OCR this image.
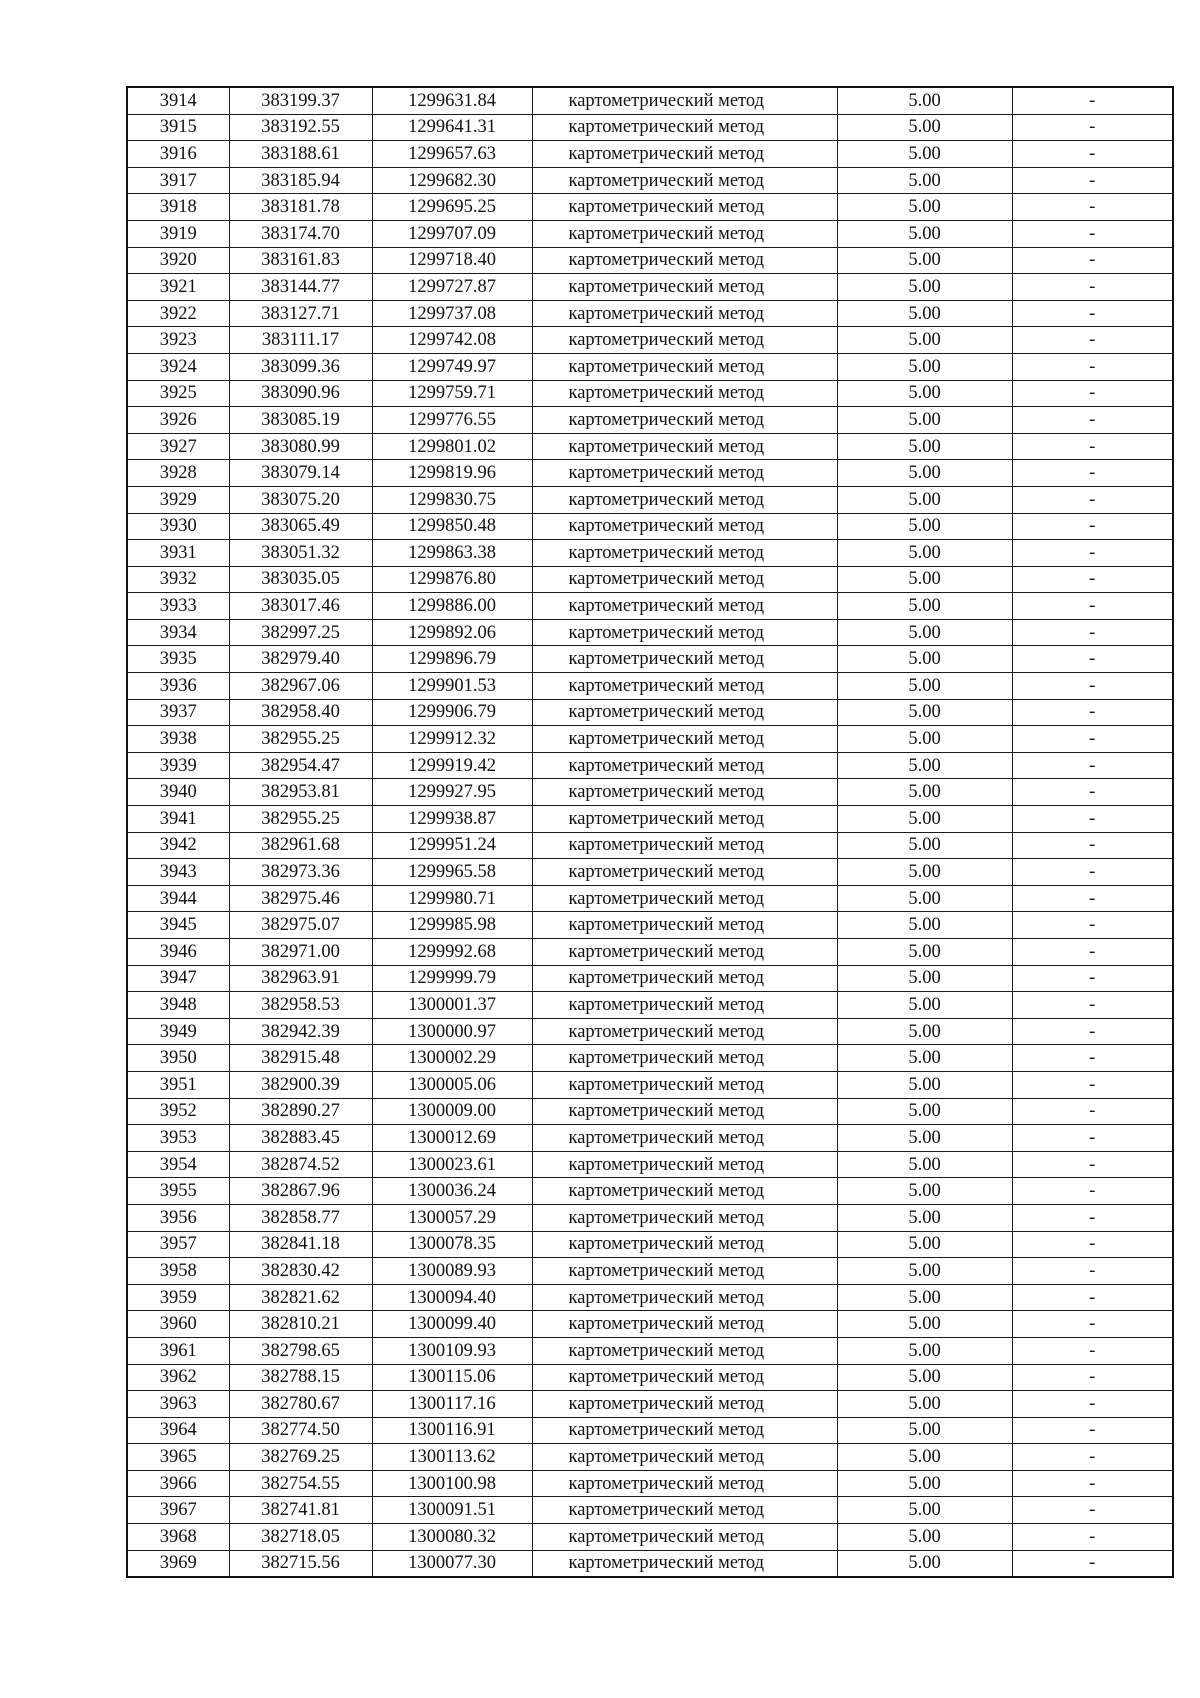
3914	383199.37	1299631.84	картометрический метод	5.00	-
3915	383192.55	1299641.31	картометрический метод	5.00	-
3916	383188.61	1299657.63	картометрический метод	5.00	-
3917	383185.94	1299682.30	картометрический метод	5.00	-
3918	383181.78	1299695.25	картометрический метод	5.00	-
3919	383174.70	1299707.09	картометрический метод	5.00	-
3920	383161.83	1299718.40	картометрический метод	5.00	-
3921	383144.77	1299727.87	картометрический метод	5.00	-
3922	383127.71	1299737.08	картометрический метод	5.00	-
3923	383111.17	1299742.08	картометрический метод	5.00	-
3924	383099.36	1299749.97	картометрический метод	5.00	-
3925	383090.96	1299759.71	картометрический метод	5.00	-
3926	383085.19	1299776.55	картометрический метод	5.00	-
3927	383080.99	1299801.02	картометрический метод	5.00	-
3928	383079.14	1299819.96	картометрический метод	5.00	-
3929	383075.20	1299830.75	картометрический метод	5.00	-
3930	383065.49	1299850.48	картометрический метод	5.00	-
3931	383051.32	1299863.38	картометрический метод	5.00	-
3932	383035.05	1299876.80	картометрический метод	5.00	-
3933	383017.46	1299886.00	картометрический метод	5.00	-
3934	382997.25	1299892.06	картометрический метод	5.00	-
3935	382979.40	1299896.79	картометрический метод	5.00	-
3936	382967.06	1299901.53	картометрический метод	5.00	-
3937	382958.40	1299906.79	картометрический метод	5.00	-
3938	382955.25	1299912.32	картометрический метод	5.00	-
3939	382954.47	1299919.42	картометрический метод	5.00	-
3940	382953.81	1299927.95	картометрический метод	5.00	-
3941	382955.25	1299938.87	картометрический метод	5.00	-
3942	382961.68	1299951.24	картометрический метод	5.00	-
3943	382973.36	1299965.58	картометрический метод	5.00	-
3944	382975.46	1299980.71	картометрический метод	5.00	-
3945	382975.07	1299985.98	картометрический метод	5.00	-
3946	382971.00	1299992.68	картометрический метод	5.00	-
3947	382963.91	1299999.79	картометрический метод	5.00	-
3948	382958.53	1300001.37	картометрический метод	5.00	-
3949	382942.39	1300000.97	картометрический метод	5.00	-
3950	382915.48	1300002.29	картометрический метод	5.00	-
3951	382900.39	1300005.06	картометрический метод	5.00	-
3952	382890.27	1300009.00	картометрический метод	5.00	-
3953	382883.45	1300012.69	картометрический метод	5.00	-
3954	382874.52	1300023.61	картометрический метод	5.00	-
3955	382867.96	1300036.24	картометрический метод	5.00	-
3956	382858.77	1300057.29	картометрический метод	5.00	-
3957	382841.18	1300078.35	картометрический метод	5.00	-
3958	382830.42	1300089.93	картометрический метод	5.00	-
3959	382821.62	1300094.40	картометрический метод	5.00	-
3960	382810.21	1300099.40	картометрический метод	5.00	-
3961	382798.65	1300109.93	картометрический метод	5.00	-
3962	382788.15	1300115.06	картометрический метод	5.00	-
3963	382780.67	1300117.16	картометрический метод	5.00	-
3964	382774.50	1300116.91	картометрический метод	5.00	-
3965	382769.25	1300113.62	картометрический метод	5.00	-
3966	382754.55	1300100.98	картометрический метод	5.00	-
3967	382741.81	1300091.51	картометрический метод	5.00	-
3968	382718.05	1300080.32	картометрический метод	5.00	-
3969	382715.56	1300077.30	картометрический метод	5.00	-
